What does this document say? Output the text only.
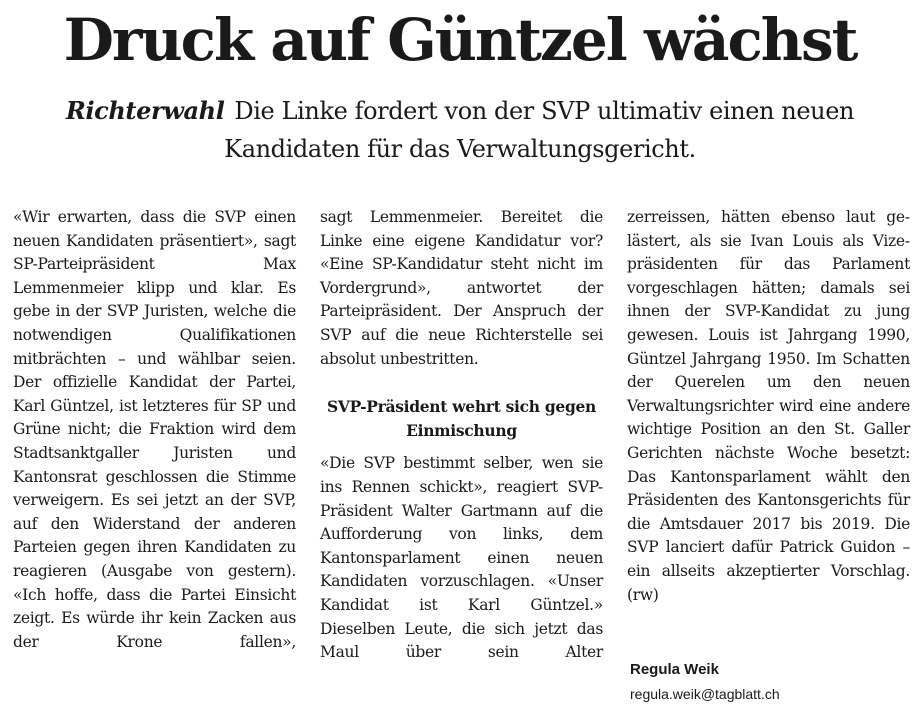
Druck auf Güntzel wächst
Richterwahl Die Linke fordert von der SVP ultimativ einen neuen Kandidaten für das Verwaltungsgericht.

«Wir erwarten, dass die SVP einen neuen Kandidaten präsentiert», sagt SP-Parteipräsident Max Lemmenmeier klipp und klar. Es gebe in der SVP Juristen, welche die notwendigen Qualifikationen mitbrächten – und wählbar seien. Der offizielle Kandidat der Partei, Karl Güntzel, ist letzteres für SP und Grüne nicht; die Fraktion wird dem Stadtsanktgaller Juristen und Kantonsrat geschlossen die Stimme verweigern. Es sei jetzt an der SVP, auf den Widerstand der anderen Parteien gegen ihren Kandidaten zu reagieren (Ausgabe von gestern). «Ich hoffe, dass die Partei Einsicht zeigt. Es würde ihr kein Zacken aus der Krone fallen»,

sagt Lemmenmeier. Bereitet die Linke eine eigene Kandidatur vor? «Eine SP-Kandidatur steht nicht im Vordergrund», antwortet der Parteipräsident. Der Anspruch der SVP auf die neue Richterstelle sei absolut unbestritten.

SVP-Präsident wehrt sich gegen Einmischung

«Die SVP bestimmt selber, wen sie ins Rennen schickt», reagiert SVP-Präsident Walter Gartmann auf die Aufforderung von links, dem Kantonsparlament einen neuen Kandidaten vorzuschlagen. «Unser Kandidat ist Karl Güntzel.» Dieselben Leute, die sich jetzt das Maul über sein Alter

zerreissen, hätten ebenso laut gelästert, als sie Ivan Louis als Vizepräsidenten für das Parlament vorgeschlagen hätten; damals sei ihnen der SVP-Kandidat zu jung gewesen. Louis ist Jahrgang 1990, Güntzel Jahrgang 1950. Im Schatten der Querelen um den neuen Verwaltungsrichter wird eine andere wichtige Position an den St. Galler Gerichten nächste Woche besetzt: Das Kantonsparlament wählt den Präsidenten des Kantonsgerichts für die Amtsdauer 2017 bis 2019. Die SVP lanciert dafür Patrick Guidon – ein allseits akzeptierter Vorschlag. (rw)

Regula Weik
regula.weik@tagblatt.ch
